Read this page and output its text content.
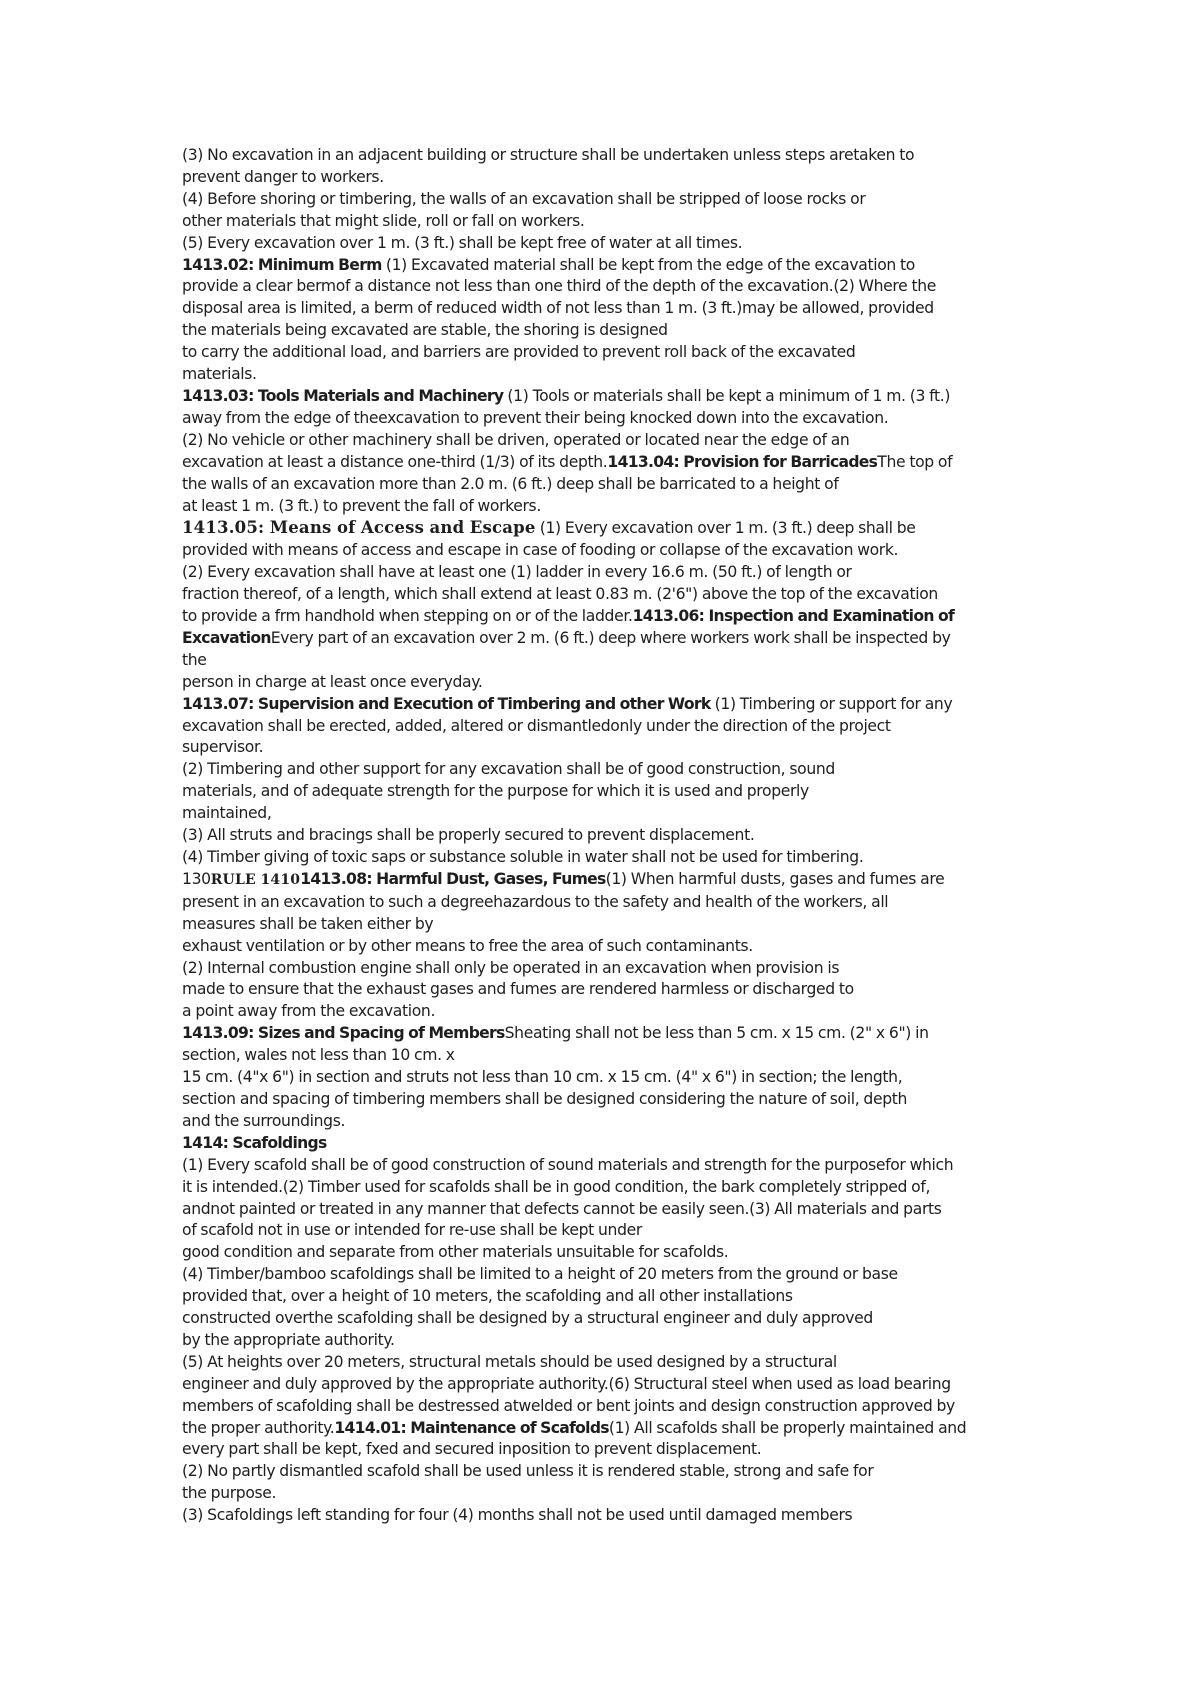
(3) No excavation in an adjacent building or structure shall be undertaken unless steps aretaken to
prevent danger to workers.
(4) Before shoring or timbering, the walls of an excavation shall be stripped of loose rocks or
other materials that might slide, roll or fall on workers.
(5) Every excavation over 1 m. (3 ft.) shall be kept free of water at all times.
1413.02: Minimum Berm (1) Excavated material shall be kept from the edge of the excavation to
provide a clear bermof a distance not less than one third of the depth of the excavation.(2) Where the
disposal area is limited, a berm of reduced width of not less than 1 m. (3 ft.)may be allowed, provided
the materials being excavated are stable, the shoring is designed
to carry the additional load, and barriers are provided to prevent roll back of the excavated
materials.
1413.03: Tools Materials and Machinery (1) Tools or materials shall be kept a minimum of 1 m. (3 ft.)
away from the edge of theexcavation to prevent their being knocked down into the excavation.
(2) No vehicle or other machinery shall be driven, operated or located near the edge of an
excavation at least a distance one-third (1/3) of its depth.1413.04: Provision for BarricadesThe top of
the walls of an excavation more than 2.0 m. (6 ft.) deep shall be barricated to a height of
at least 1 m. (3 ft.) to prevent the fall of workers.
1413.05: Means of Access and Escape (1) Every excavation over 1 m. (3 ft.) deep shall be
provided with means of access and escape in case of fooding or collapse of the excavation work.
(2) Every excavation shall have at least one (1) ladder in every 16.6 m. (50 ft.) of length or
fraction thereof, of a length, which shall extend at least 0.83 m. (2'6") above the top of the excavation
to provide a frm handhold when stepping on or of the ladder.1413.06: Inspection and Examination of
ExcavationEvery part of an excavation over 2 m. (6 ft.) deep where workers work shall be inspected by
the
person in charge at least once everyday.
1413.07: Supervision and Execution of Timbering and other Work (1) Timbering or support for any
excavation shall be erected, added, altered or dismantledonly under the direction of the project
supervisor.
(2) Timbering and other support for any excavation shall be of good construction, sound
materials, and of adequate strength for the purpose for which it is used and properly
maintained,
(3) All struts and bracings shall be properly secured to prevent displacement.
(4) Timber giving of toxic saps or substance soluble in water shall not be used for timbering.
130RULE 14101413.08: Harmful Dust, Gases, Fumes(1) When harmful dusts, gases and fumes are
present in an excavation to such a degreehazardous to the safety and health of the workers, all
measures shall be taken either by
exhaust ventilation or by other means to free the area of such contaminants.
(2) Internal combustion engine shall only be operated in an excavation when provision is
made to ensure that the exhaust gases and fumes are rendered harmless or discharged to
a point away from the excavation.
1413.09: Sizes and Spacing of MembersSheating shall not be less than 5 cm. x 15 cm. (2" x 6") in
section, wales not less than 10 cm. x
15 cm. (4"x 6") in section and struts not less than 10 cm. x 15 cm. (4" x 6") in section; the length,
section and spacing of timbering members shall be designed considering the nature of soil, depth
and the surroundings.
1414: Scafoldings
(1) Every scafold shall be of good construction of sound materials and strength for the purposefor which
it is intended.(2) Timber used for scafolds shall be in good condition, the bark completely stripped of,
andnot painted or treated in any manner that defects cannot be easily seen.(3) All materials and parts
of scafold not in use or intended for re-use shall be kept under
good condition and separate from other materials unsuitable for scafolds.
(4) Timber/bamboo scafoldings shall be limited to a height of 20 meters from the ground or base
provided that, over a height of 10 meters, the scafolding and all other installations
constructed overthe scafolding shall be designed by a structural engineer and duly approved
by the appropriate authority.
(5) At heights over 20 meters, structural metals should be used designed by a structural
engineer and duly approved by the appropriate authority.(6) Structural steel when used as load bearing
members of scafolding shall be destressed atwelded or bent joints and design construction approved by
the proper authority.1414.01: Maintenance of Scafolds(1) All scafolds shall be properly maintained and
every part shall be kept, fxed and secured inposition to prevent displacement.
(2) No partly dismantled scafold shall be used unless it is rendered stable, strong and safe for
the purpose.
(3) Scafoldings left standing for four (4) months shall not be used until damaged members
